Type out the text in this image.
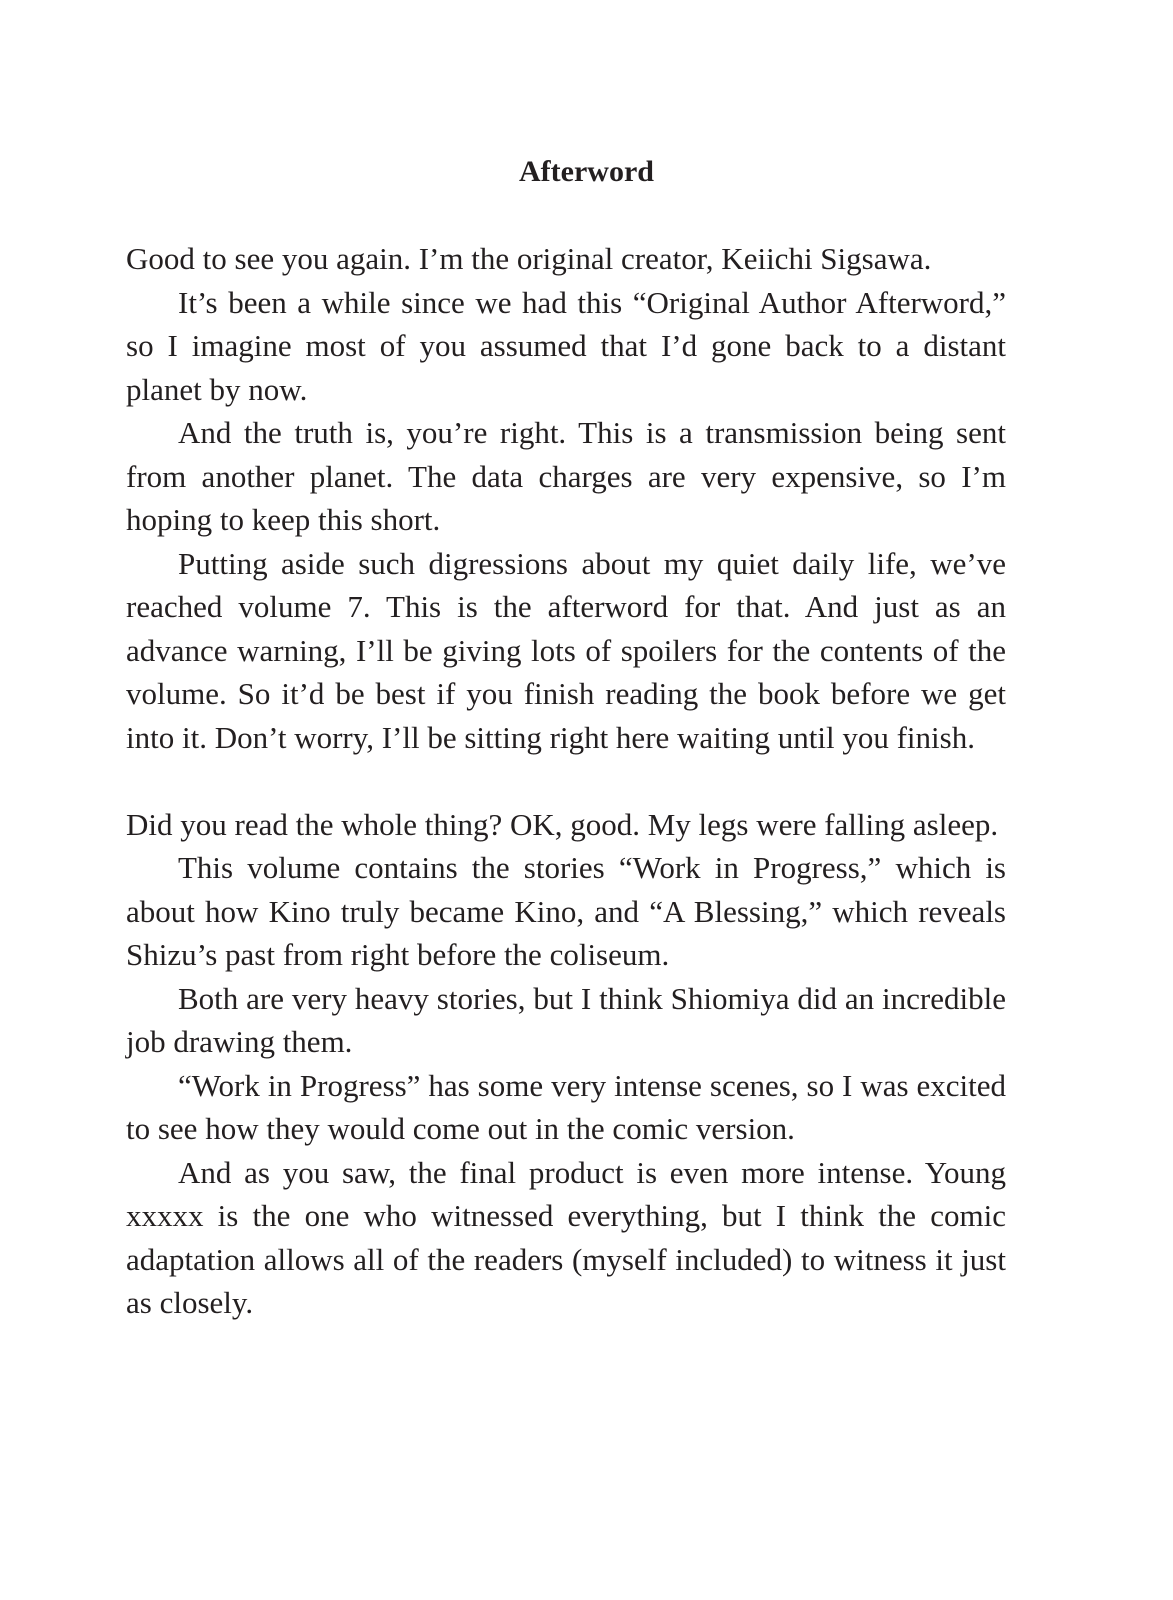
Afterword

Good to see you again. I’m the original creator, Keiichi Sigsawa.

It’s been a while since we had this “Original Author Afterword,” so I imagine most of you assumed that I’d gone back to a distant planet by now.

And the truth is, you’re right. This is a transmission being sent from another planet. The data charges are very expensive, so I’m hoping to keep this short.

Putting aside such digressions about my quiet daily life, we’ve reached volume 7. This is the afterword for that. And just as an advance warning, I’ll be giving lots of spoilers for the contents of the volume. So it’d be best if you finish reading the book before we get into it. Don’t worry, I’ll be sitting right here waiting until you finish.

Did you read the whole thing? OK, good. My legs were falling asleep.

This volume contains the stories “Work in Progress,” which is about how Kino truly became Kino, and “A Blessing,” which reveals Shizu’s past from right before the coliseum.

Both are very heavy stories, but I think Shiomiya did an incredible job drawing them.

“Work in Progress” has some very intense scenes, so I was excited to see how they would come out in the comic version.

And as you saw, the final product is even more intense. Young xxxxx is the one who witnessed everything, but I think the comic adaptation allows all of the readers (myself included) to witness it just as closely.
